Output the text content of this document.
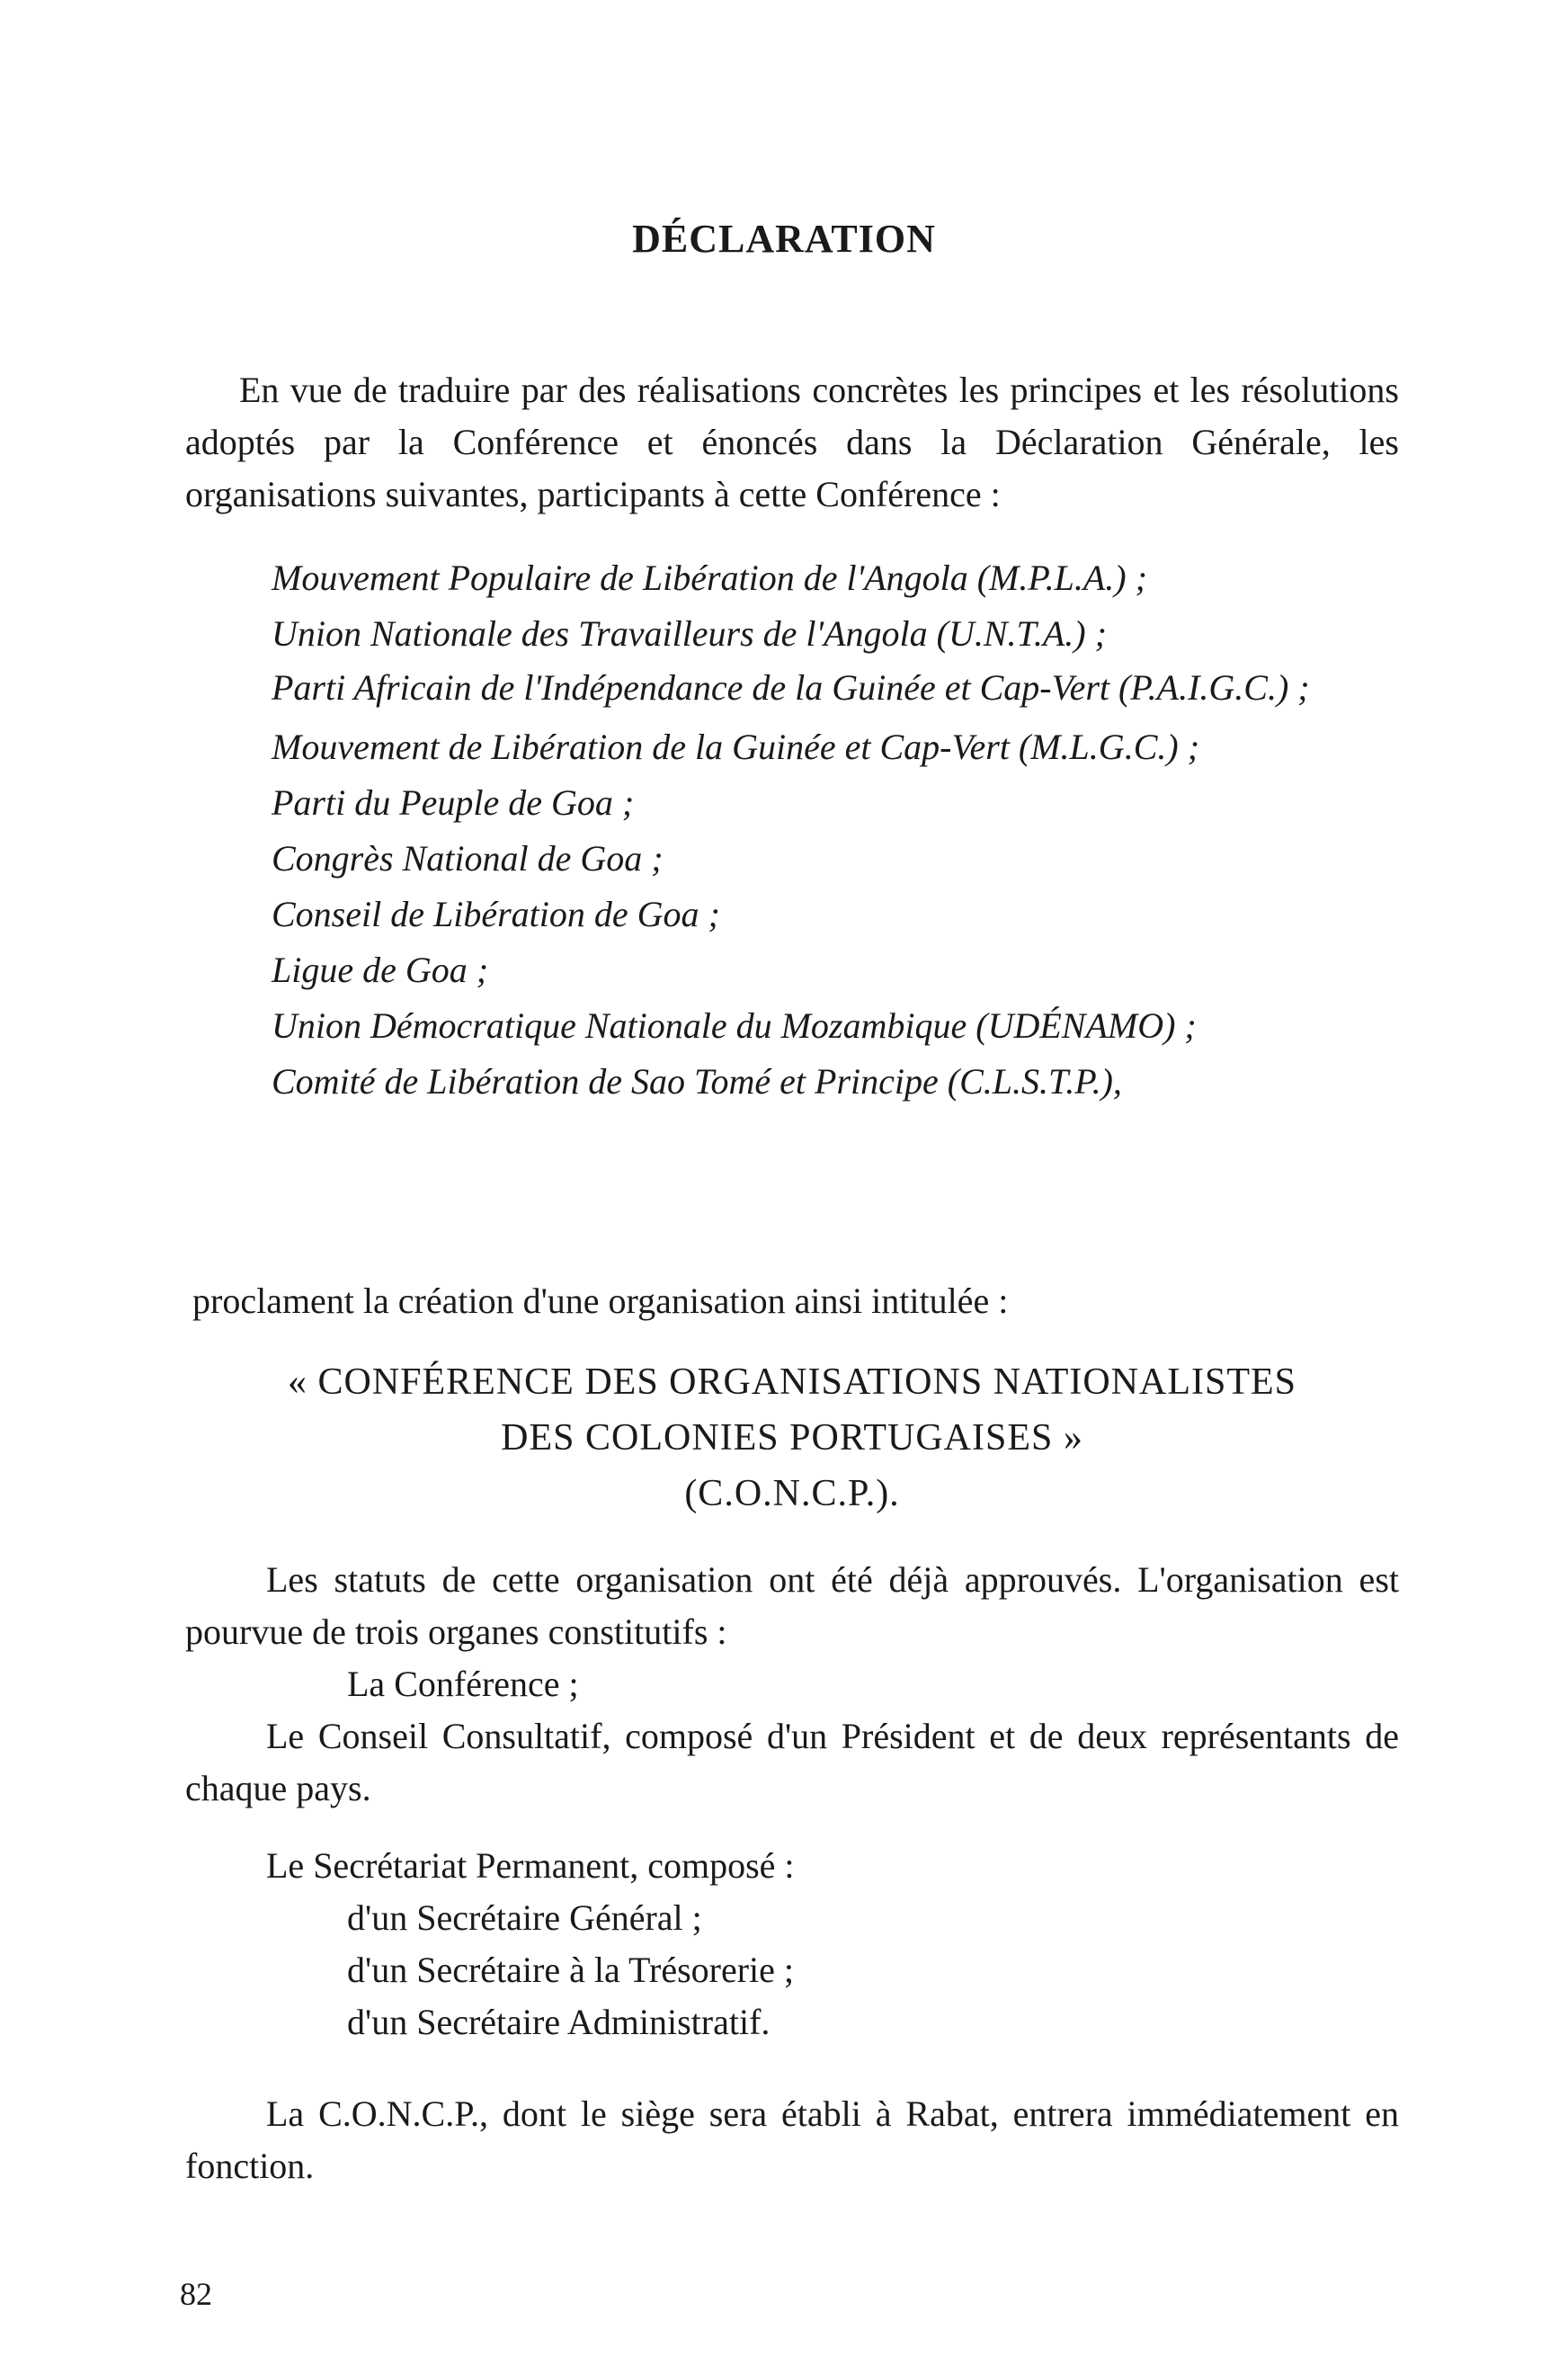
DÉCLARATION

En vue de traduire par des réalisations concrètes les principes et les résolutions adoptés par la Conférence et énoncés dans la Déclaration Générale, les organisations suivantes, participants à cette Conférence :

Mouvement Populaire de Libération de l'Angola (M.P.L.A.) ;

Union Nationale des Travailleurs de l'Angola (U.N.T.A.) ;

Parti Africain de l'Indépendance de la Guinée et Cap-Vert (P.A.I.G.C.) ;

Mouvement de Libération de la Guinée et Cap-Vert (M.L.G.C.) ;

Parti du Peuple de Goa ;

Congrès National de Goa ;

Conseil de Libération de Goa ;

Ligue de Goa ;

Union Démocratique Nationale du Mozambique (UDÉNAMO) ;

Comité de Libération de Sao Tomé et Principe (C.L.S.T.P.),

proclament la création d'une organisation ainsi intitulée :

« CONFÉRENCE DES ORGANISATIONS NATIONALISTES
DES COLONIES PORTUGAISES »
(C.O.N.C.P.).

Les statuts de cette organisation ont été déjà approuvés. L'organisation est pourvue de trois organes constitutifs :

La Conférence ;

Le Conseil Consultatif, composé d'un Président et de deux représentants de chaque pays.

Le Secrétariat Permanent, composé :

d'un Secrétaire Général ;

d'un Secrétaire à la Trésorerie ;

d'un Secrétaire Administratif.

La C.O.N.C.P., dont le siège sera établi à Rabat, entrera immédiatement en fonction.

82
